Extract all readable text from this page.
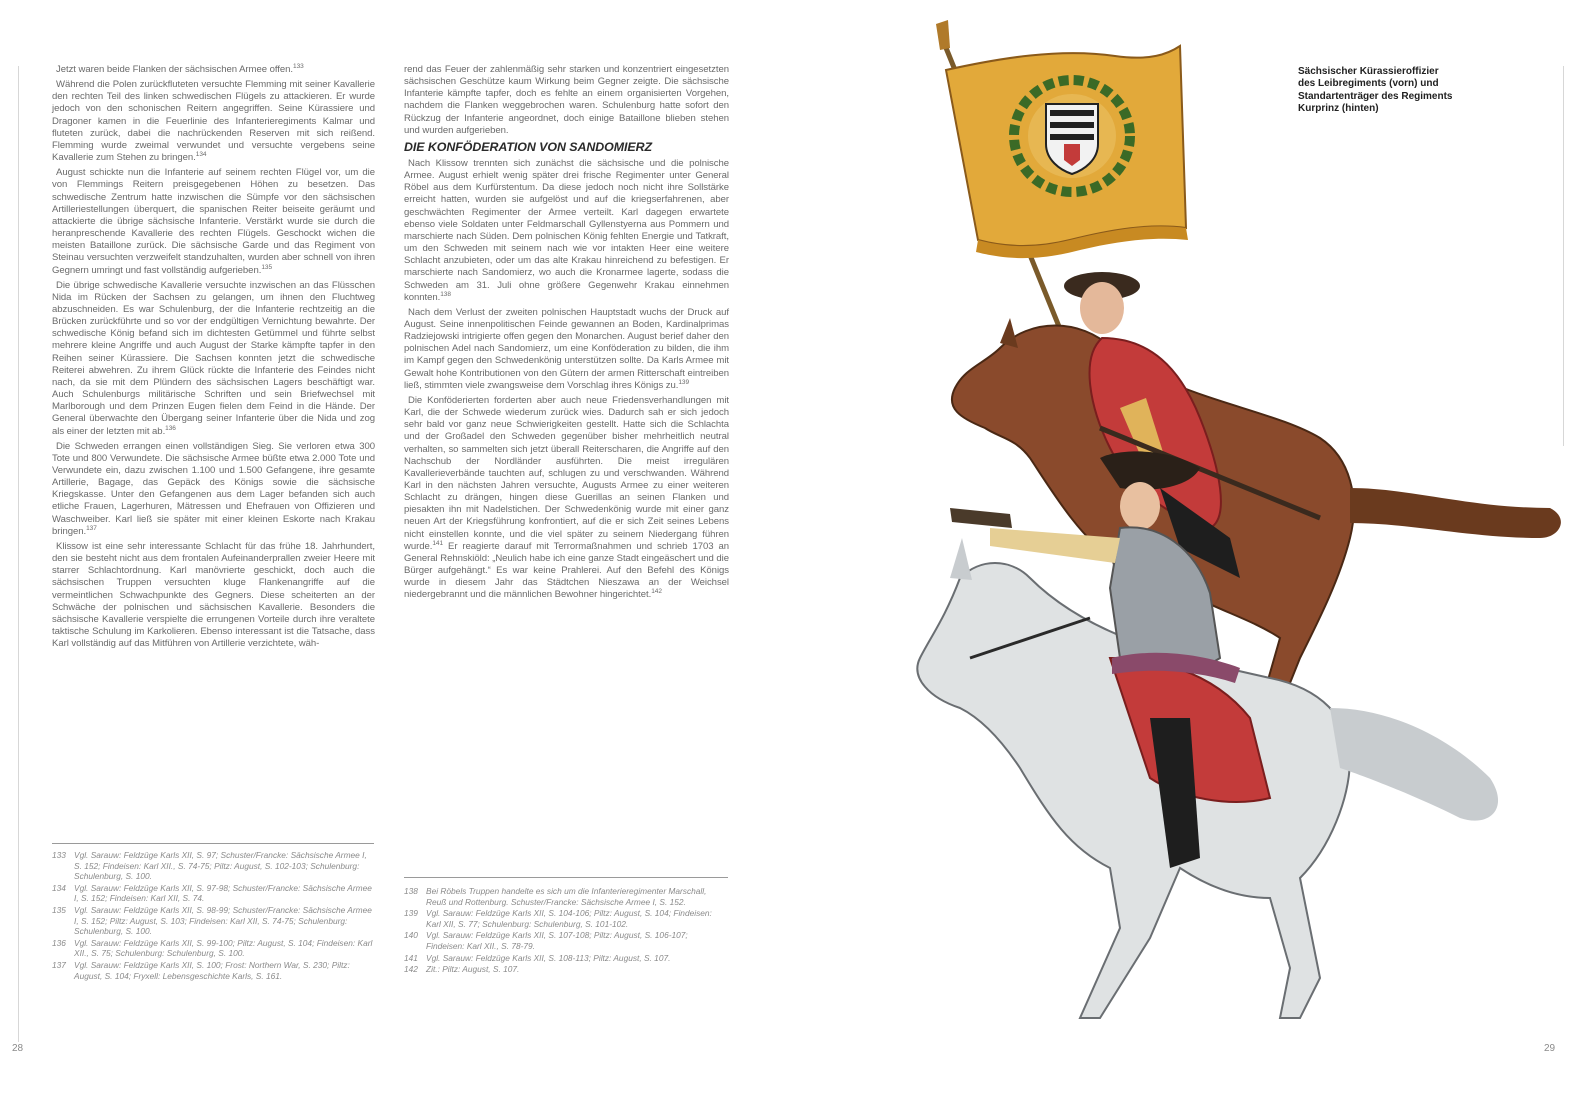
Jetzt waren beide Flanken der sächsischen Armee offen.$^{133}$

Während die Polen zurückfluteten versuchte Flemming mit seiner Kavallerie den rechten Teil des linken schwedischen Flügels zu attackieren. Er wurde jedoch von den schonischen Reitern angegriffen. Seine Kürassiere und Dragoner kamen in die Feuerlinie des Infanterieregiments Kalmar und fluteten zurück, dabei die nachrückenden Reserven mit sich reißend. Flemming wurde zweimal verwundet und versuchte vergebens seine Kavallerie zum Stehen zu bringen.$^{134}$

August schickte nun die Infanterie auf seinem rechten Flügel vor, um die von Flemmings Reitern preisgegebenen Höhen zu besetzen. Das schwedische Zentrum hatte inzwischen die Sümpfe vor den sächsischen Artilleriestellungen überquert, die spanischen Reiter beiseite geräumt und attackierte die übrige sächsische Infanterie. Verstärkt wurde sie durch die heranpreschende Kavallerie des rechten Flügels. Geschockt wichen die meisten Bataillone zurück. Die sächsische Garde und das Regiment von Steinau versuchten verzweifelt standzuhalten, wurden aber schnell von ihren Gegnern umringt und fast vollständig aufgerieben.$^{135}$

Die übrige schwedische Kavallerie versuchte inzwischen an das Flüsschen Nida im Rücken der Sachsen zu gelangen, um ihnen den Fluchtweg abzuschneiden. Es war Schulenburg, der die Infanterie rechtzeitig an die Brücken zurückführte und so vor der endgültigen Vernichtung bewahrte. Der schwedische König befand sich im dichtesten Getümmel und führte selbst mehrere kleine Angriffe und auch August der Starke kämpfte tapfer in den Reihen seiner Kürassiere. Die Sachsen konnten jetzt die schwedische Reiterei abwehren. Zu ihrem Glück rückte die Infanterie des Feindes nicht nach, da sie mit dem Plündern des sächsischen Lagers beschäftigt war. Auch Schulenburgs militärische Schriften und sein Briefwechsel mit Marlborough und dem Prinzen Eugen fielen dem Feind in die Hände. Der General überwachte den Übergang seiner Infanterie über die Nida und zog als einer der letzten mit ab.$^{136}$

Die Schweden errangen einen vollständigen Sieg. Sie verloren etwa 300 Tote und 800 Verwundete. Die sächsische Armee büßte etwa 2.000 Tote und Verwundete ein, dazu zwischen 1.100 und 1.500 Gefangene, ihre gesamte Artillerie, Bagage, das Gepäck des Königs sowie die sächsische Kriegskasse. Unter den Gefangenen aus dem Lager befanden sich auch etliche Frauen, Lagerhuren, Mätressen und Ehefrauen von Offizieren und Waschweiber. Karl ließ sie später mit einer kleinen Eskorte nach Krakau bringen.$^{137}$

Klissow ist eine sehr interessante Schlacht für das frühe 18. Jahrhundert, den sie besteht nicht aus dem frontalen Aufeinanderprallen zweier Heere mit starrer Schlachtordnung. Karl manövrierte geschickt, doch auch die sächsischen Truppen versuchten kluge Flankenangriffe auf die vermeintlichen Schwachpunkte des Gegners. Diese scheiterten an der Schwäche der polnischen und sächsischen Kavallerie. Besonders die sächsische Kavallerie verspielte die errungenen Vorteile durch ihre veraltete taktische Schulung im Karkolieren. Ebenso interessant ist die Tatsache, dass Karl vollständig auf das Mitführen von Artillerie verzichtete, wäh-

133 Vgl. Sarauw: Feldzüge Karls XII, S. 97; Schuster/Francke: Sächsische Armee I, S. 152; Findeisen: Karl XII., S. 74-75; Piltz: August, S. 102-103; Schulenburg: Schulenburg, S. 100.
134 Vgl. Sarauw: Feldzüge Karls XII, S. 97-98; Schuster/Francke: Sächsische Armee I, S. 152; Findeisen: Karl XII, S. 74.
135 Vgl. Sarauw: Feldzüge Karls XII, S. 98-99; Schuster/Francke: Sächsische Armee I, S. 152; Piltz: August, S. 103; Findeisen: Karl XII, S. 74-75; Schulenburg: Schulenburg, S. 100.
136 Vgl. Sarauw: Feldzüge Karls XII, S. 99-100; Piltz: August, S. 104; Findeisen: Karl XII., S. 75; Schulenburg: Schulenburg, S. 100.
137 Vgl. Sarauw: Feldzüge Karls XII, S. 100; Frost: Northern War, S. 230; Piltz: August, S. 104; Fryxell: Lebensgeschichte Karls, S. 161.

rend das Feuer der zahlenmäßig sehr starken und konzentriert eingesetzten sächsischen Geschütze kaum Wirkung beim Gegner zeigte. Die sächsische Infanterie kämpfte tapfer, doch es fehlte an einem organisierten Vorgehen, nachdem die Flanken weggebrochen waren. Schulenburg hatte sofort den Rückzug der Infanterie angeordnet, doch einige Bataillone blieben stehen und wurden aufgerieben.

DIE KONFÖDERATION VON SANDOMIERZ

Nach Klissow trennten sich zunächst die sächsische und die polnische Armee. August erhielt wenig später drei frische Regimenter unter General Röbel aus dem Kurfürstentum. Da diese jedoch noch nicht ihre Sollstärke erreicht hatten, wurden sie aufgelöst und auf die kriegserfahrenen, aber geschwächten Regimenter der Armee verteilt. Karl dagegen erwartete ebenso viele Soldaten unter Feldmarschall Gyllenstyerna aus Pommern und marschierte nach Süden. Dem polnischen König fehlten Energie und Tatkraft, um den Schweden mit seinem nach wie vor intakten Heer eine weitere Schlacht anzubieten, oder um das alte Krakau hinreichend zu befestigen. Er marschierte nach Sandomierz, wo auch die Kronarmee lagerte, sodass die Schweden am 31. Juli ohne größere Gegenwehr Krakau einnehmen konnten.$^{138}$

Nach dem Verlust der zweiten polnischen Hauptstadt wuchs der Druck auf August. Seine innenpolitischen Feinde gewannen an Boden, Kardinalprimas Radziejowski intrigierte offen gegen den Monarchen. August berief daher den polnischen Adel nach Sandomierz, um eine Konföderation zu bilden, die ihm im Kampf gegen den Schwedenkönig unterstützen sollte. Da Karls Armee mit Gewalt hohe Kontributionen von den Gütern der armen Ritterschaft eintreiben ließ, stimmten viele zwangsweise dem Vorschlag ihres Königs zu.$^{139}$

Die Konföderierten forderten aber auch neue Friedensverhandlungen mit Karl, die der Schwede wiederum zurück wies. Dadurch sah er sich jedoch sehr bald vor ganz neue Schwierigkeiten gestellt. Hatte sich die Schlachta und der Großadel den Schweden gegenüber bisher mehrheitlich neutral verhalten, so sammelten sich jetzt überall Reiterscharen, die Angriffe auf den Nachschub der Nordländer ausführten. Die meist irregulären Kavallerieverbände tauchten auf, schlugen zu und verschwanden. Während Karl in den nächsten Jahren versuchte, Augusts Armee zu einer weiteren Schlacht zu drängen, hingen diese Guerillas an seinen Flanken und piesakten ihn mit Nadelstichen. Der Schwedenkönig wurde mit einer ganz neuen Art der Kriegsführung konfrontiert, auf die er sich Zeit seines Lebens nicht einstellen konnte, und die viel später zu seinem Niedergang führen wurde.$^{141}$ Er reagierte darauf mit Terrormaßnahmen und schrieb 1703 an General Rehnskiöld: „Neulich habe ich eine ganze Stadt eingeäschert und die Bürger aufgehängt.“ Es war keine Prahlerei. Auf den Befehl des Königs wurde in diesem Jahr das Städtchen Nieszawa an der Weichsel niedergebrannt und die männlichen Bewohner hingerichtet.$^{142}$

138 Bei Röbels Truppen handelte es sich um die Infanterieregimenter Marschall, Reuß und Rottenburg. Schuster/Francke: Sächsische Armee I, S. 152.
139 Vgl. Sarauw: Feldzüge Karls XII, S. 104-106; Piltz: August, S. 104; Findeisen: Karl XII, S. 77; Schulenburg: Schulenburg, S. 101-102.
140 Vgl. Sarauw: Feldzüge Karls XII, S. 107-108; Piltz: August, S. 106-107; Findeisen: Karl XII., S. 78-79.
141 Vgl. Sarauw: Feldzüge Karls XII, S. 108-113; Piltz: August, S. 107.
142 Zit.: Piltz: August, S. 107.
28	29
Sächsischer Kürassieroffizier
des Leibregiments (vorn) und
Standartenträger des Regiments
Kurprinz (hinten)
